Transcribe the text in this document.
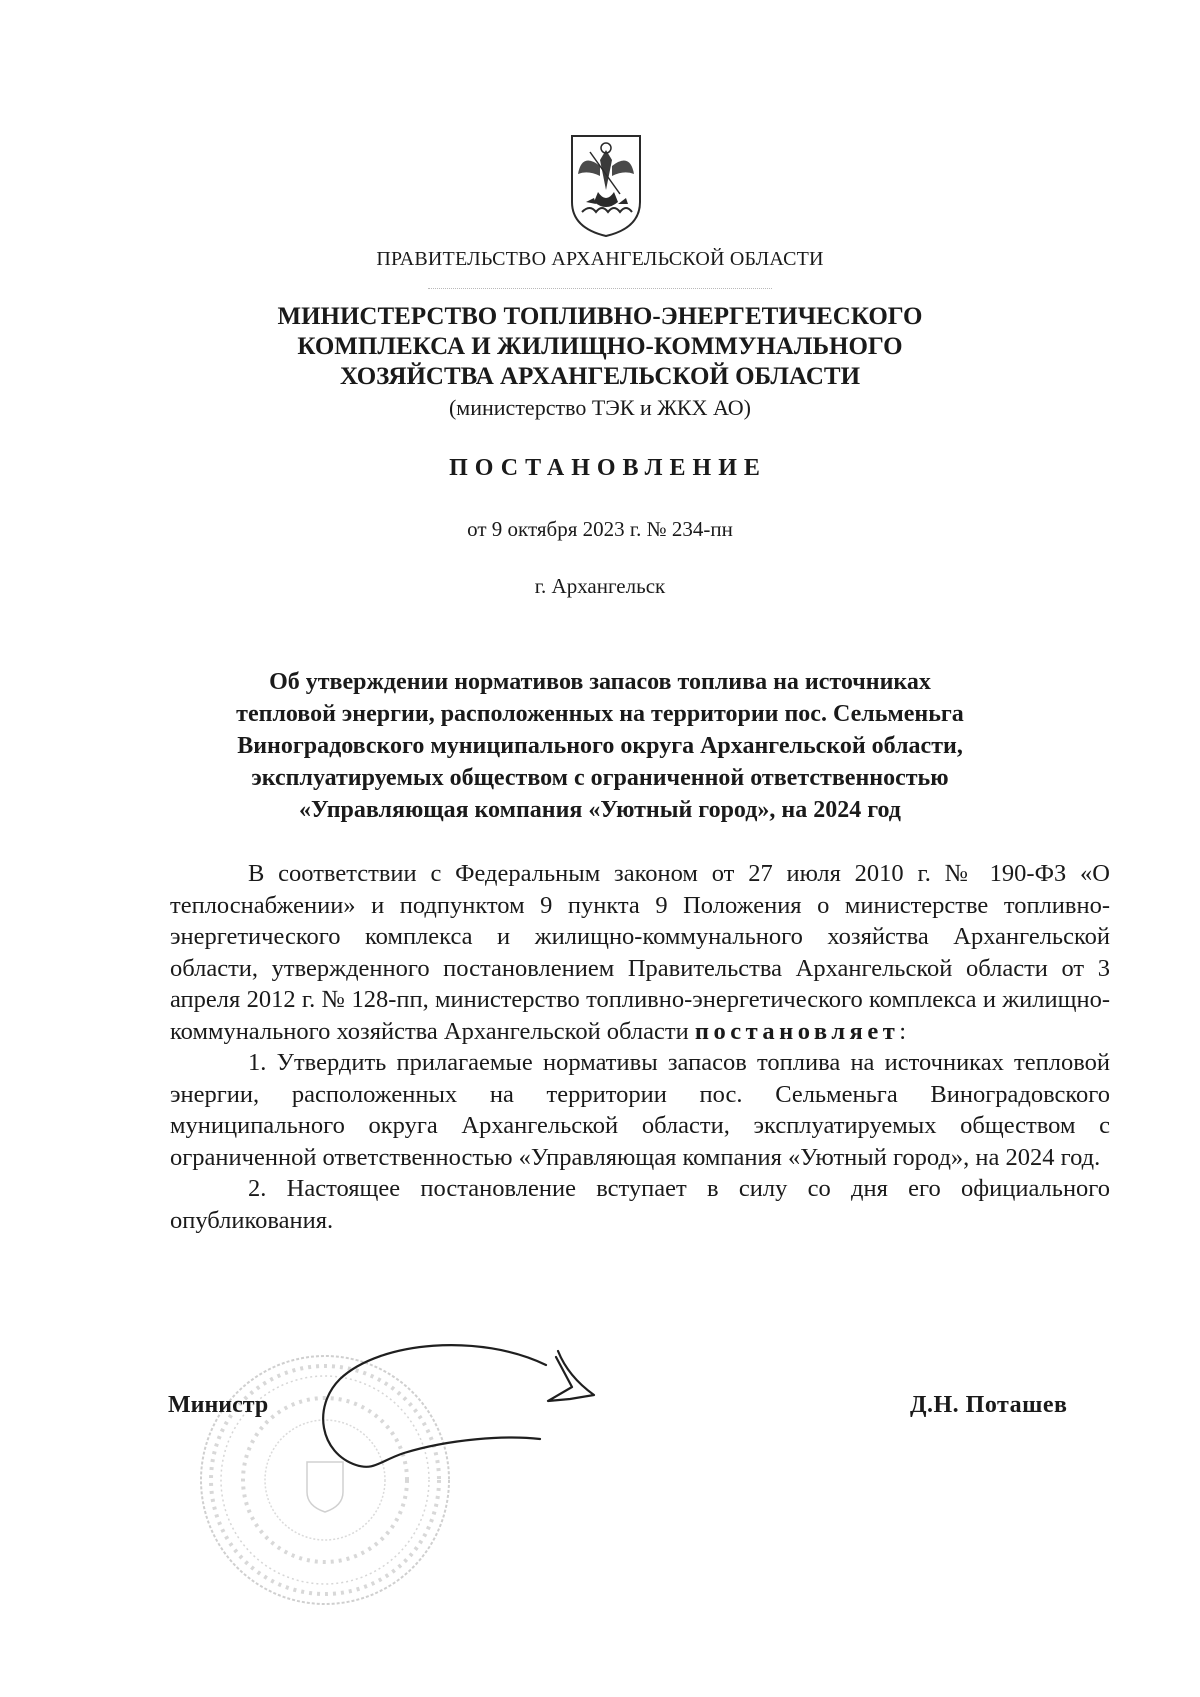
ПРАВИТЕЛЬСТВО АРХАНГЕЛЬСКОЙ ОБЛАСТИ
МИНИСТЕРСТВО ТОПЛИВНО-ЭНЕРГЕТИЧЕСКОГО
КОМПЛЕКСА И ЖИЛИЩНО-КОММУНАЛЬНОГО
ХОЗЯЙСТВА АРХАНГЕЛЬСКОЙ ОБЛАСТИ
(министерство ТЭК и ЖКХ АО)
ПОСТАНОВЛЕНИЕ
от 9 октября 2023 г. № 234-пн
г. Архангельск
Об утверждении нормативов запасов топлива на источниках
тепловой энергии, расположенных на территории пос. Сельменьга
Виноградовского муниципального округа Архангельской области,
эксплуатируемых обществом с ограниченной ответственностью
«Управляющая компания «Уютный город», на 2024 год

В соответствии с Федеральным законом от 27 июля 2010 г. № 190-ФЗ «О теплоснабжении» и подпунктом 9 пункта 9 Положения о министерстве топливно-энергетического комплекса и жилищно-коммунального хозяйства Архангельской области, утвержденного постановлением Правительства Архангельской области от 3 апреля 2012 г. № 128-пп, министерство топливно-энергетического комплекса и жилищно-коммунального хозяйства Архангельской области постановляет:

1. Утвердить прилагаемые нормативы запасов топлива на источниках тепловой энергии, расположенных на территории пос. Сельменьга Виноградовского муниципального округа Архангельской области, эксплуатируемых обществом с ограниченной ответственностью «Управляющая компания «Уютный город», на 2024 год.

2. Настоящее постановление вступает в силу со дня его официального опубликования.

Министр	Д.Н. Поташев
